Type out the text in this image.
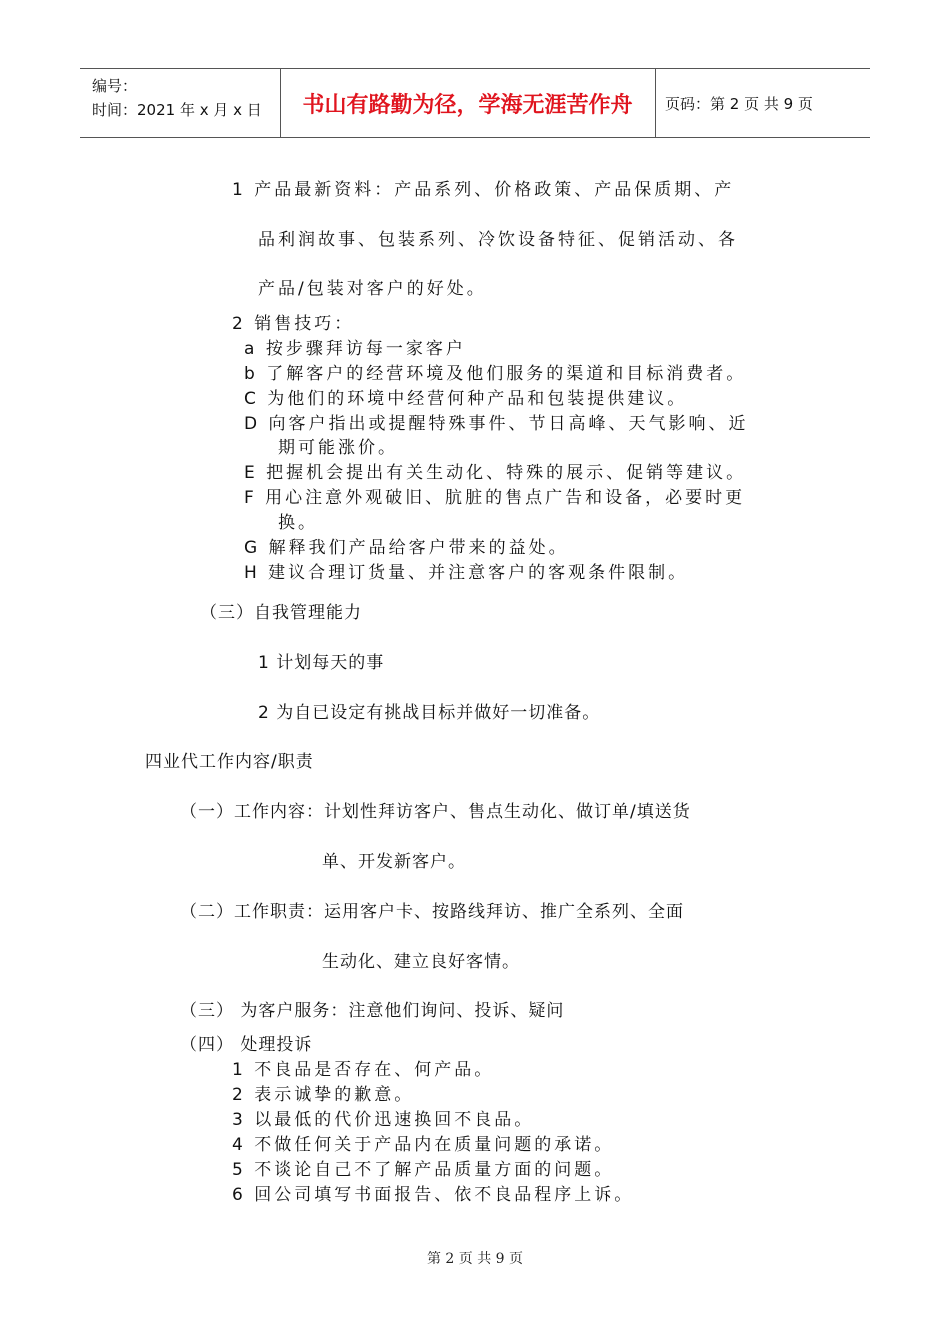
编号：
时间：2021 年 x 月 x 日	书山有路勤为径，学海无涯苦作舟	页码：第 2 页 共 9 页
1 产品最新资料：产品系列、价格政策、产品保质期、产
品利润故事、包装系列、冷饮设备特征、促销活动、各
产品/包装对客户的好处。
2 销售技巧：
a 按步骤拜访每一家客户
b 了解客户的经营环境及他们服务的渠道和目标消费者。
C 为他们的环境中经营何种产品和包装提供建议。
D 向客户指出或提醒特殊事件、节日高峰、天气影响、近
期可能涨价。
E 把握机会提出有关生动化、特殊的展示、促销等建议。
F 用心注意外观破旧、肮脏的售点广告和设备，必要时更
换。
G 解释我们产品给客户带来的益处。
H 建议合理订货量、并注意客户的客观条件限制。
（三）自我管理能力
1 计划每天的事
2 为自已设定有挑战目标并做好一切准备。
四业代工作内容/职责
（一）工作内容：计划性拜访客户、售点生动化、做订单/填送货
单、开发新客户。
（二）工作职责：运用客户卡、按路线拜访、推广全系列、全面
生动化、建立良好客情。
（三） 为客户服务：注意他们询问、投诉、疑问
（四） 处理投诉
1 不良品是否存在、何产品。
2 表示诚挚的歉意。
3 以最低的代价迅速换回不良品。
4 不做任何关于产品内在质量问题的承诺。
5 不谈论自己不了解产品质量方面的问题。
6 回公司填写书面报告、依不良品程序上诉。
第 2 页 共 9 页
